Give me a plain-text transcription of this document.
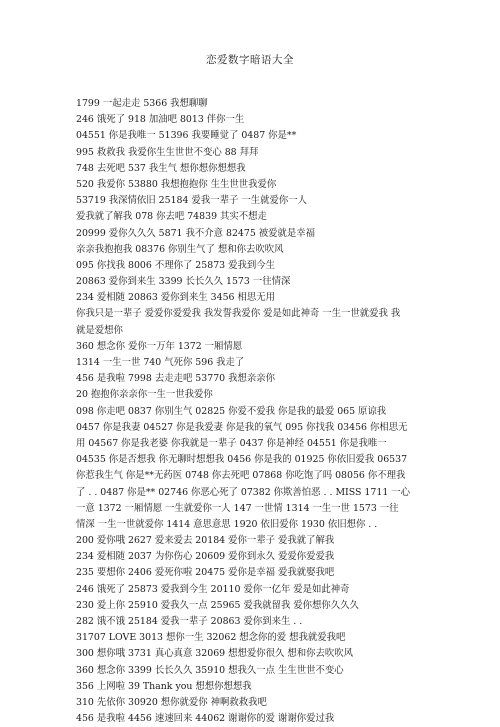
恋爱数字暗语大全
1799 一起走走 5366 我想聊聊
246 饿死了 918 加油吧 8013 伴你一生
04551 你是我唯一 51396 我要睡觉了 0487 你是**
995 救救我 我爱你生生世世不变心 88 拜拜
748 去死吧 537 我生气 想你想你想想我
520 我爱你 53880 我想抱抱你 生生世世我爱你
53719 我深情依旧 25184 爱我一辈子 一生就爱你一人
爱我就了解我 078 你去吧 74839 其实不想走
20999 爱你久久久 5871 我不介意 82475 被爱就是幸福
亲亲我抱抱我 08376 你别生气了 想和你去吹吹风
095 你找我 8006 不理你了 25873 爱我到今生
20863 爱你到来生 3399 长长久久 1573 一往情深
234 爱相随 20863 爱你到来生 3456 相思无用
你我只是一辈子 爱爱你爱爱我 我发誓我爱你 爱是如此神奇 一生一世就爱我 我
就是爱想你
360 想念你 爱你一万年 1372 一厢情愿
1314 一生一世 740 气死你 596 我走了
456 是我啦 7998 去走走吧 53770 我想亲亲你
20 抱抱你亲亲你一生一世我爱你
098 你走吧 0837 你别生气 02825 你爱不爱我 你是我的最爱 065 原谅我
0457 你是我妻 04527 你是我爱妻 你是我的氧气 095 你找我 03456 你相思无
用 04567 你是我老婆 你我就是一辈子 0437 你是神经 04551 你是我唯一
04535 你是否想我 你无聊时想想我 0456 你是我的 01925 你依旧爱我 06537
你惹我生气 你是**无药医 0748 你去死吧 07868 你吃饱了吗 08056 你不理我
了 . . 0487 你是** 02746 你恶心死了 07382 你欺善怕恶 . . MISS 1711 一心
一意 1372 一厢情愿 一生就爱你一人 147 一世情 1314 一生一世 1573 一往
情深 一生一世就爱你 1414 意思意思 1920 依旧爱你 1930 依旧想你 . .
200 爱你哦 2627 爱来爱去 20184 爱你一辈子 爱我就了解我
234 爱相随 2037 为你伤心 20609 爱你到永久 爱爱你爱爱我
235 要想你 2406 爱死你啦 20475 爱你是幸福 爱我就娶我吧
246 饿死了 25873 爱我到今生 20110 爱你一亿年 爱是如此神奇
230 爱上你 25910 爱我久一点 25965 爱我就留我 爱你想你久久久
282 饿不饿 25184 爱我一辈子 20863 爱你到来生 . .
31707 LOVE 3013 想你一生 32062 想念你的爱 想我就爱我吧
300 想你哦 3731 真心真意 32069 想想爱你很久 想和你去吹吹风
360 想念你 3399 长长久久 35910 想我久一点 生生世世不变心
356 上网啦 39 Thank you 想想你想想我
310 先依你 30920 想你就爱你 神啊救救我吧
456 是我啦 4456 速速回来 44062 谢谢你的爱 谢谢你爱过我
